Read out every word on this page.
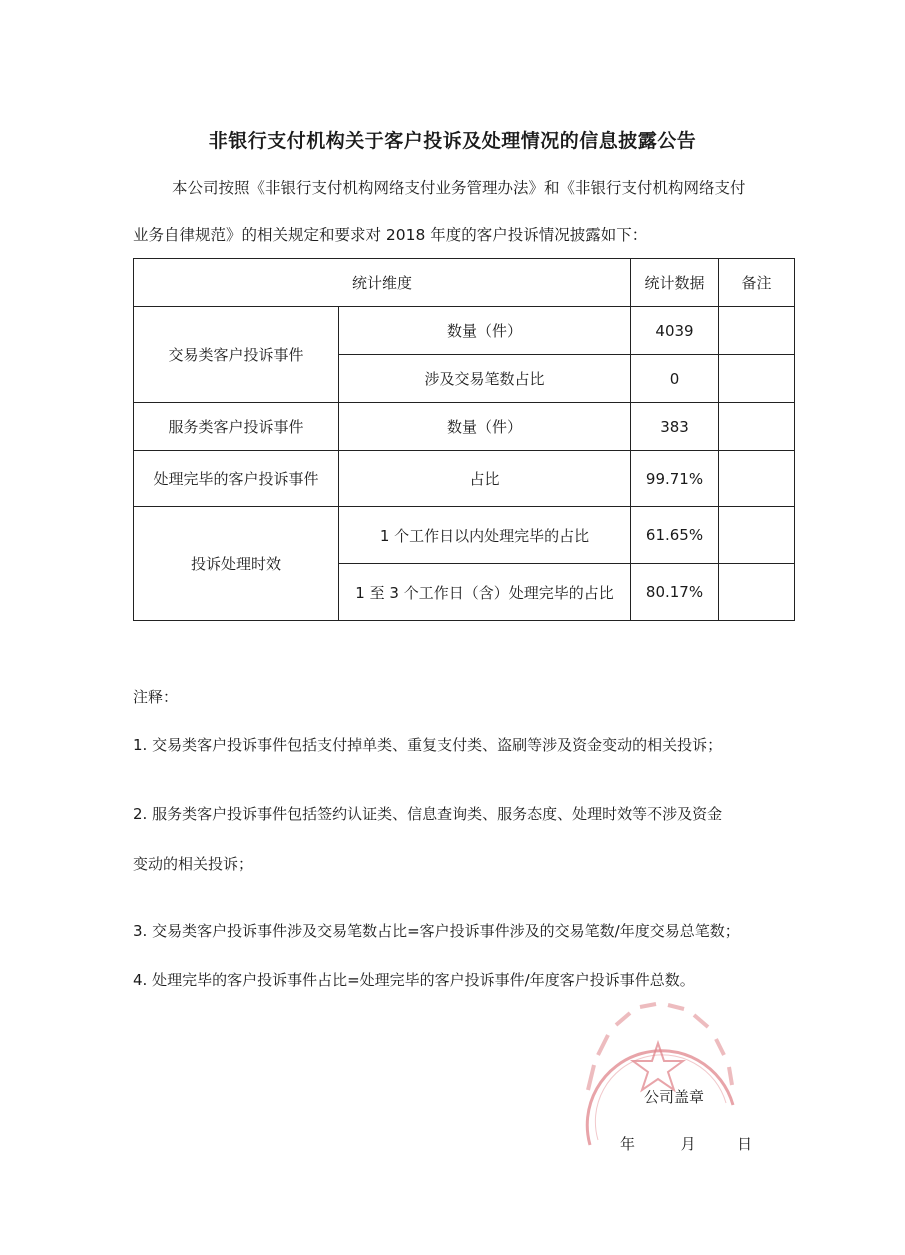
非银行支付机构关于客户投诉及处理情况的信息披露公告
本公司按照《非银行支付机构网络支付业务管理办法》和《非银行支付机构网络支付
业务自律规范》的相关规定和要求对 2018 年度的客户投诉情况披露如下：
统计维度		统计数据	备注
交易类客户投诉事件	数量（件）	4039	
	涉及交易笔数占比	0	
服务类客户投诉事件	数量（件）	383	
处理完毕的客户投诉事件	占比	99.71%	
投诉处理时效	1 个工作日以内处理完毕的占比	61.65%	
	1 至 3 个工作日（含）处理完毕的占比	80.17%	
注释：
1. 交易类客户投诉事件包括支付掉单类、重复支付类、盗刷等涉及资金变动的相关投诉；
2. 服务类客户投诉事件包括签约认证类、信息查询类、服务态度、处理时效等不涉及资金
变动的相关投诉；
3. 交易类客户投诉事件涉及交易笔数占比=客户投诉事件涉及的交易笔数/年度交易总笔数；
4. 处理完毕的客户投诉事件占比=处理完毕的客户投诉事件/年度客户投诉事件总数。
公司盖章
年	月	日
